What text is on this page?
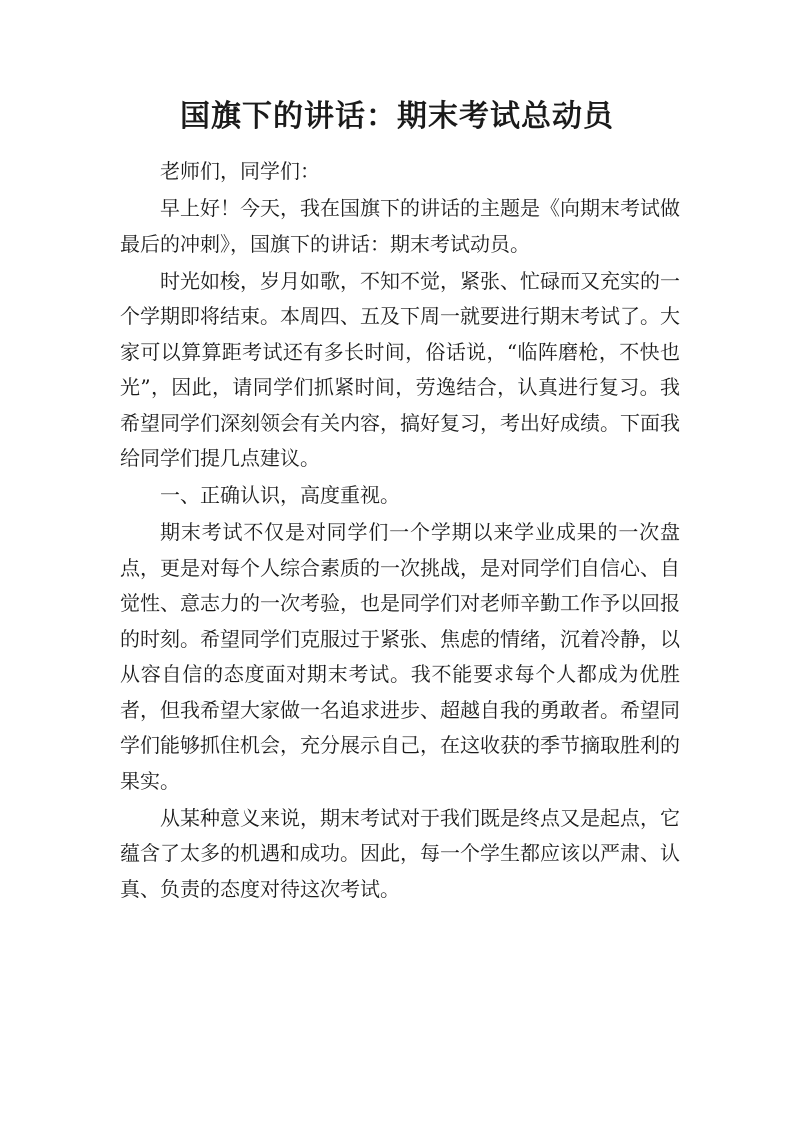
国旗下的讲话：期末考试总动员

老师们，同学们：

早上好！今天，我在国旗下的讲话的主题是《向期末考试做最后的冲刺》，国旗下的讲话：期末考试动员。

时光如梭，岁月如歌，不知不觉，紧张、忙碌而又充实的一个学期即将结束。本周四、五及下周一就要进行期末考试了。大家可以算算距考试还有多长时间，俗话说，“临阵磨枪，不快也光”，因此，请同学们抓紧时间，劳逸结合，认真进行复习。我希望同学们深刻领会有关内容，搞好复习，考出好成绩。下面我给同学们提几点建议。

一、正确认识，高度重视。

期末考试不仅是对同学们一个学期以来学业成果的一次盘点，更是对每个人综合素质的一次挑战，是对同学们自信心、自觉性、意志力的一次考验，也是同学们对老师辛勤工作予以回报的时刻。希望同学们克服过于紧张、焦虑的情绪，沉着冷静，以从容自信的态度面对期末考试。我不能要求每个人都成为优胜者，但我希望大家做一名追求进步、超越自我的勇敢者。希望同学们能够抓住机会，充分展示自己，在这收获的季节摘取胜利的果实。

从某种意义来说，期末考试对于我们既是终点又是起点，它蕴含了太多的机遇和成功。因此，每一个学生都应该以严肃、认真、负责的态度对待这次考试。
